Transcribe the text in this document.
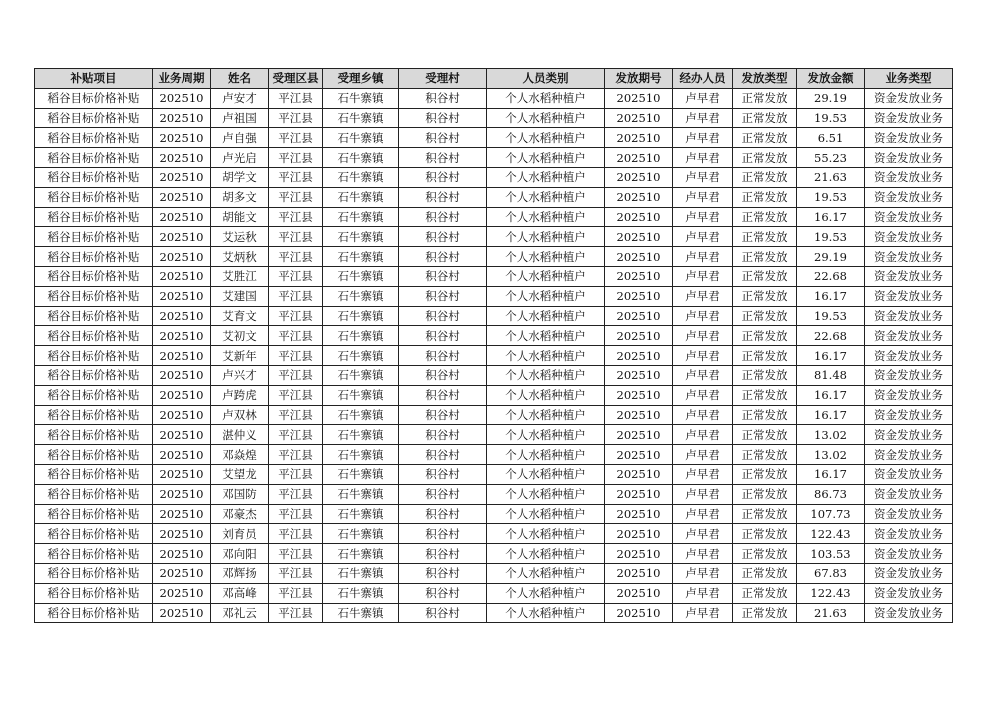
补贴项目	业务周期	姓名	受理区县	受理乡镇	受理村	人员类别	发放期号	经办人员	发放类型	发放金额	业务类型
稻谷目标价格补贴	202510	卢安才	平江县	石牛寨镇	积谷村	个人水稻种植户	202510	卢早君	正常发放	29.19	资金发放业务
稻谷目标价格补贴	202510	卢祖国	平江县	石牛寨镇	积谷村	个人水稻种植户	202510	卢早君	正常发放	19.53	资金发放业务
稻谷目标价格补贴	202510	卢自强	平江县	石牛寨镇	积谷村	个人水稻种植户	202510	卢早君	正常发放	6.51	资金发放业务
稻谷目标价格补贴	202510	卢光启	平江县	石牛寨镇	积谷村	个人水稻种植户	202510	卢早君	正常发放	55.23	资金发放业务
稻谷目标价格补贴	202510	胡学文	平江县	石牛寨镇	积谷村	个人水稻种植户	202510	卢早君	正常发放	21.63	资金发放业务
稻谷目标价格补贴	202510	胡多文	平江县	石牛寨镇	积谷村	个人水稻种植户	202510	卢早君	正常发放	19.53	资金发放业务
稻谷目标价格补贴	202510	胡能文	平江县	石牛寨镇	积谷村	个人水稻种植户	202510	卢早君	正常发放	16.17	资金发放业务
稻谷目标价格补贴	202510	艾运秋	平江县	石牛寨镇	积谷村	个人水稻种植户	202510	卢早君	正常发放	19.53	资金发放业务
稻谷目标价格补贴	202510	艾炳秋	平江县	石牛寨镇	积谷村	个人水稻种植户	202510	卢早君	正常发放	29.19	资金发放业务
稻谷目标价格补贴	202510	艾胜江	平江县	石牛寨镇	积谷村	个人水稻种植户	202510	卢早君	正常发放	22.68	资金发放业务
稻谷目标价格补贴	202510	艾建国	平江县	石牛寨镇	积谷村	个人水稻种植户	202510	卢早君	正常发放	16.17	资金发放业务
稻谷目标价格补贴	202510	艾育文	平江县	石牛寨镇	积谷村	个人水稻种植户	202510	卢早君	正常发放	19.53	资金发放业务
稻谷目标价格补贴	202510	艾初文	平江县	石牛寨镇	积谷村	个人水稻种植户	202510	卢早君	正常发放	22.68	资金发放业务
稻谷目标价格补贴	202510	艾新年	平江县	石牛寨镇	积谷村	个人水稻种植户	202510	卢早君	正常发放	16.17	资金发放业务
稻谷目标价格补贴	202510	卢兴才	平江县	石牛寨镇	积谷村	个人水稻种植户	202510	卢早君	正常发放	81.48	资金发放业务
稻谷目标价格补贴	202510	卢跨虎	平江县	石牛寨镇	积谷村	个人水稻种植户	202510	卢早君	正常发放	16.17	资金发放业务
稻谷目标价格补贴	202510	卢双林	平江县	石牛寨镇	积谷村	个人水稻种植户	202510	卢早君	正常发放	16.17	资金发放业务
稻谷目标价格补贴	202510	湛仲义	平江县	石牛寨镇	积谷村	个人水稻种植户	202510	卢早君	正常发放	13.02	资金发放业务
稻谷目标价格补贴	202510	邓焱煌	平江县	石牛寨镇	积谷村	个人水稻种植户	202510	卢早君	正常发放	13.02	资金发放业务
稻谷目标价格补贴	202510	艾望龙	平江县	石牛寨镇	积谷村	个人水稻种植户	202510	卢早君	正常发放	16.17	资金发放业务
稻谷目标价格补贴	202510	邓国防	平江县	石牛寨镇	积谷村	个人水稻种植户	202510	卢早君	正常发放	86.73	资金发放业务
稻谷目标价格补贴	202510	邓豪杰	平江县	石牛寨镇	积谷村	个人水稻种植户	202510	卢早君	正常发放	107.73	资金发放业务
稻谷目标价格补贴	202510	刘育员	平江县	石牛寨镇	积谷村	个人水稻种植户	202510	卢早君	正常发放	122.43	资金发放业务
稻谷目标价格补贴	202510	邓向阳	平江县	石牛寨镇	积谷村	个人水稻种植户	202510	卢早君	正常发放	103.53	资金发放业务
稻谷目标价格补贴	202510	邓辉扬	平江县	石牛寨镇	积谷村	个人水稻种植户	202510	卢早君	正常发放	67.83	资金发放业务
稻谷目标价格补贴	202510	邓高峰	平江县	石牛寨镇	积谷村	个人水稻种植户	202510	卢早君	正常发放	122.43	资金发放业务
稻谷目标价格补贴	202510	邓礼云	平江县	石牛寨镇	积谷村	个人水稻种植户	202510	卢早君	正常发放	21.63	资金发放业务
